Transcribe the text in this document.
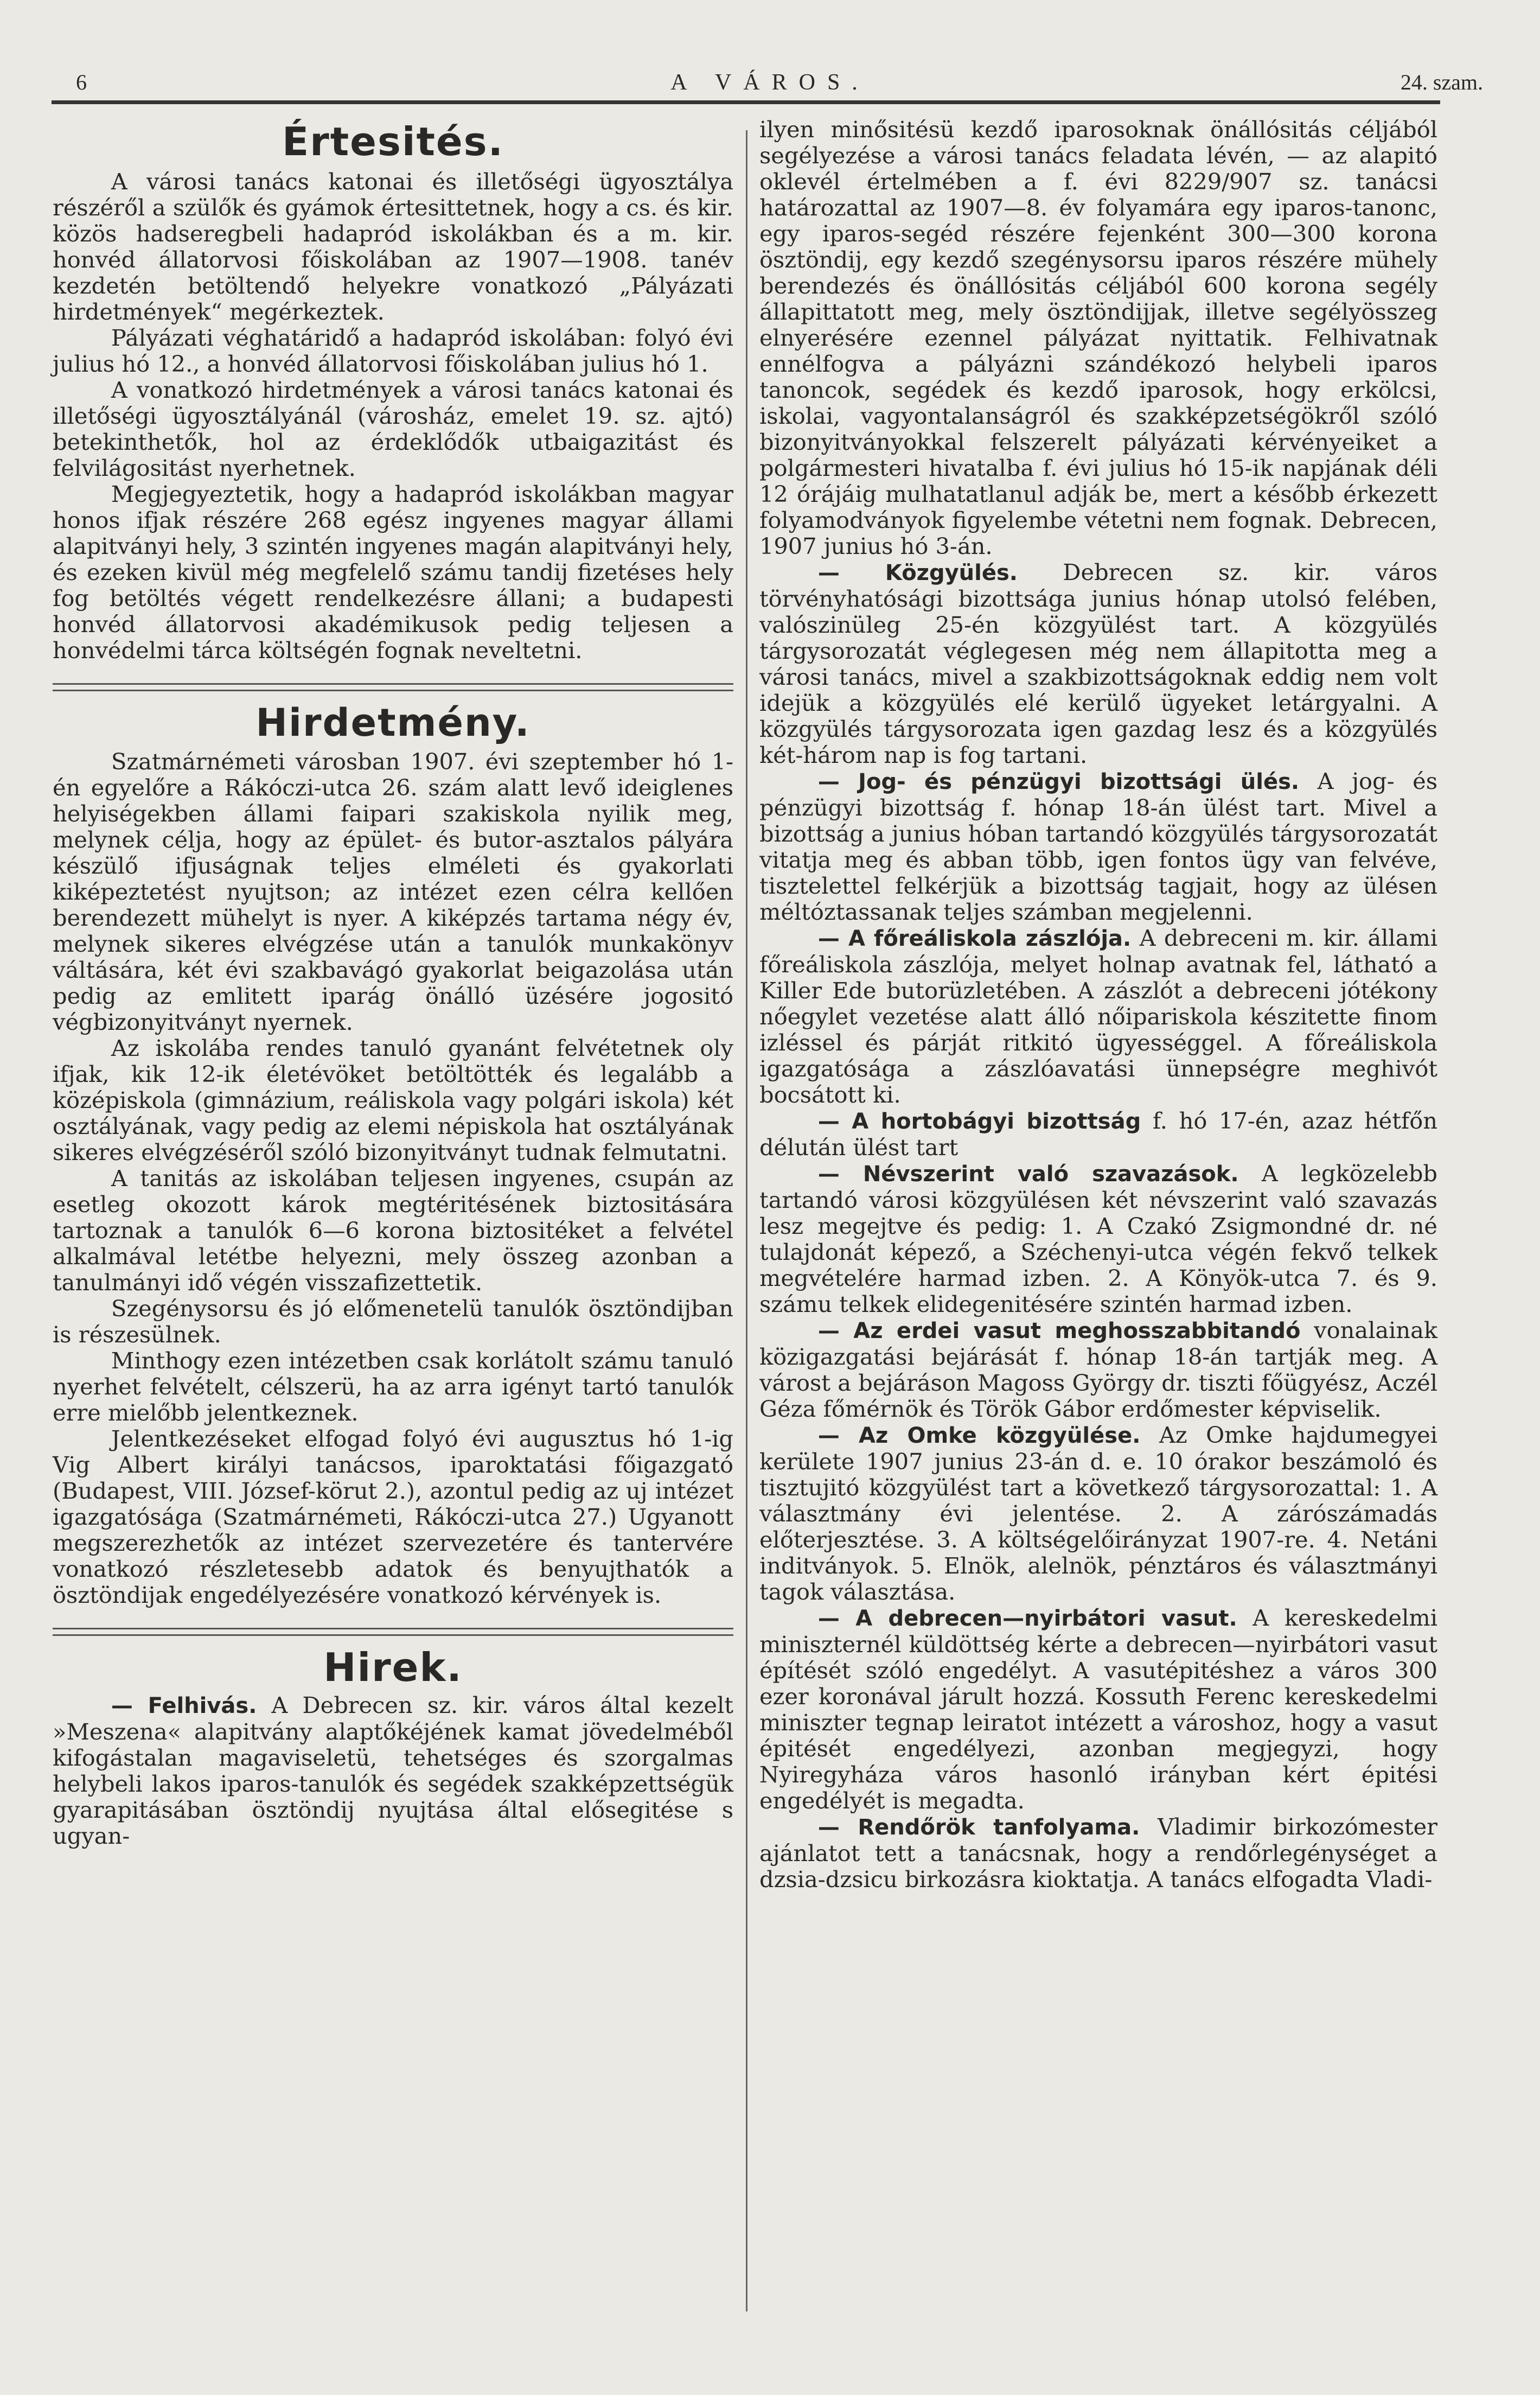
6	A VÁROS.	24. szam.
Értesités.

A városi tanács katonai és illetőségi ügyosztálya részéről a szülők és gyámok értesittetnek, hogy a cs. és kir. közös hadseregbeli hadapród iskolákban és a m. kir. honvéd állatorvosi főiskolában az 1907—1908. tanév kezdetén betöltendő helyekre vonatkozó „Pályázati hirdetmények“ megérkeztek.

Pályázati véghatáridő a hadapród iskolában: folyó évi julius hó 12., a honvéd állatorvosi főiskolában julius hó 1.

A vonatkozó hirdetmények a városi tanács katonai és illetőségi ügyosztályánál (városház, emelet 19. sz. ajtó) betekinthetők, hol az érdeklődők utbaigazitást és felvilágositást nyerhetnek.

Megjegyeztetik, hogy a hadapród iskolákban magyar honos ifjak részére 268 egész ingyenes magyar állami alapitványi hely, 3 szintén ingyenes magán alapitványi hely, és ezeken kivül még megfelelő számu tandij fizetéses hely fog betöltés végett rendelkezésre állani; a budapesti honvéd állatorvosi akadémikusok pedig teljesen a honvédelmi tárca költségén fognak neveltetni.

Hirdetmény.

Szatmárnémeti városban 1907. évi szeptember hó 1-én egyelőre a Rákóczi-utca 26. szám alatt levő ideiglenes helyiségekben állami faipari szakiskola nyilik meg, melynek célja, hogy az épület- és butor-asztalos pályára készülő ifjuságnak teljes elméleti és gyakorlati kiképeztetést nyujtson; az intézet ezen célra kellően berendezett mühelyt is nyer. A kiképzés tartama négy év, melynek sikeres elvégzése után a tanulók munkakönyv váltására, két évi szakbavágó gyakorlat beigazolása után pedig az emlitett iparág önálló üzésére jogositó végbizonyitványt nyernek.

Az iskolába rendes tanuló gyanánt felvétetnek oly ifjak, kik 12-ik életévöket betöltötték és legalább a középiskola (gimnázium, reáliskola vagy polgári iskola) két osztályának, vagy pedig az elemi népiskola hat osztályának sikeres elvégzéséről szóló bizonyitványt tudnak felmutatni.

A tanitás az iskolában teljesen ingyenes, csupán az esetleg okozott károk megtéritésének biztositására tartoznak a tanulók 6—6 korona biztositéket a felvétel alkalmával letétbe helyezni, mely összeg azonban a tanulmányi idő végén visszafizettetik.

Szegénysorsu és jó előmenetelü tanulók ösztöndijban is részesülnek.

Minthogy ezen intézetben csak korlátolt számu tanuló nyerhet felvételt, célszerü, ha az arra igényt tartó tanulók erre mielőbb jelentkeznek.

Jelentkezéseket elfogad folyó évi augusztus hó 1-ig Vig Albert királyi tanácsos, iparoktatási főigazgató (Budapest, VIII. József-körut 2.), azontul pedig az uj intézet igazgatósága (Szatmárnémeti, Rákóczi-utca 27.) Ugyanott megszerezhetők az intézet szervezetére és tantervére vonatkozó részletesebb adatok és benyujthatók a ösztöndijak engedélyezésére vonatkozó kérvények is.

Hirek.

— Felhivás. A Debrecen sz. kir. város által kezelt »Meszena« alapitvány alaptőkéjének kamat jövedelméből kifogástalan magaviseletü, tehetséges és szorgalmas helybeli lakos iparos-tanulók és segédek szakképzettségük gyarapitásában ösztöndij nyujtása által elősegitése s ugyan-

ilyen minősitésü kezdő iparosoknak önállósitás céljából segélyezése a városi tanács feladata lévén, — az alapitó oklevél értelmében a f. évi 8229/907 sz. tanácsi határozattal az 1907—8. év folyamára egy iparos-tanonc, egy iparos-segéd részére fejenként 300—300 korona ösztöndij, egy kezdő szegénysorsu iparos részére mühely berendezés és önállósitás céljából 600 korona segély állapittatott meg, mely ösztöndijjak, illetve segélyösszeg elnyerésére ezennel pályázat nyittatik. Felhivatnak ennélfogva a pályázni szándékozó helybeli iparos tanoncok, segédek és kezdő iparosok, hogy erkölcsi, iskolai, vagyontalanságról és szakképzetségökről szóló bizonyitványokkal felszerelt pályázati kérvényeiket a polgármesteri hivatalba f. évi julius hó 15-ik napjának déli 12 órájáig mulhatatlanul adják be, mert a később érkezett folyamodványok figyelembe vétetni nem fognak. Debrecen, 1907 junius hó 3-án.

— Közgyülés. Debrecen sz. kir. város törvényhatósági bizottsága junius hónap utolsó felében, valószinüleg 25-én közgyülést tart. A közgyülés tárgysorozatát véglegesen még nem állapitotta meg a városi tanács, mivel a szakbizottságoknak eddig nem volt idejük a közgyülés elé kerülő ügyeket letárgyalni. A közgyülés tárgysorozata igen gazdag lesz és a közgyülés két-három nap is fog tartani.

— Jog- és pénzügyi bizottsági ülés. A jog- és pénzügyi bizottság f. hónap 18-án ülést tart. Mivel a bizottság a junius hóban tartandó közgyülés tárgysorozatát vitatja meg és abban több, igen fontos ügy van felvéve, tisztelettel felkérjük a bizottság tagjait, hogy az ülésen méltóztassanak teljes számban megjelenni.

— A főreáliskola zászlója. A debreceni m. kir. állami főreáliskola zászlója, melyet holnap avatnak fel, látható a Killer Ede butorüzletében. A zászlót a debreceni jótékony nőegylet vezetése alatt álló nőipariskola készitette finom izléssel és párját ritkitó ügyességgel. A főreáliskola igazgatósága a zászlóavatási ünnepségre meghivót bocsátott ki.

— A hortobágyi bizottság f. hó 17-én, azaz hétfőn délután ülést tart

— Névszerint való szavazások. A legközelebb tartandó városi közgyülésen két névszerint való szavazás lesz megejtve és pedig: 1. A Czakó Zsigmondné dr. né tulajdonát képező, a Széchenyi-utca végén fekvő telkek megvételére harmad izben. 2. A Könyök-utca 7. és 9. számu telkek elidegenitésére szintén harmad izben.

— Az erdei vasut meghosszabbitandó vonalainak közigazgatási bejárását f. hónap 18-án tartják meg. A várost a bejáráson Magoss György dr. tiszti főügyész, Aczél Géza főmérnök és Török Gábor erdőmester képviselik.

— Az Omke közgyülése. Az Omke hajdumegyei kerülete 1907 junius 23-án d. e. 10 órakor beszámoló és tisztujitó közgyülést tart a következő tárgysorozattal: 1. A választmány évi jelentése. 2. A zárószámadás előterjesztése. 3. A költségelőirányzat 1907-re. 4. Netáni inditványok. 5. Elnök, alelnök, pénztáros és választmányi tagok választása.

— A debrecen—nyirbátori vasut. A kereskedelmi miniszternél küldöttség kérte a debrecen—nyirbátori vasut építését szóló engedélyt. A vasutépitéshez a város 300 ezer koronával járult hozzá. Kossuth Ferenc kereskedelmi miniszter tegnap leiratot intézett a városhoz, hogy a vasut épitését engedélyezi, azonban megjegyzi, hogy Nyiregyháza város hasonló irányban kért épitési engedélyét is megadta.

— Rendőrök tanfolyama. Vladimir birkozómester ajánlatot tett a tanácsnak, hogy a rendőrlegénységet a dzsia-dzsicu birkozásra kioktatja. A tanács elfogadta Vladi-
